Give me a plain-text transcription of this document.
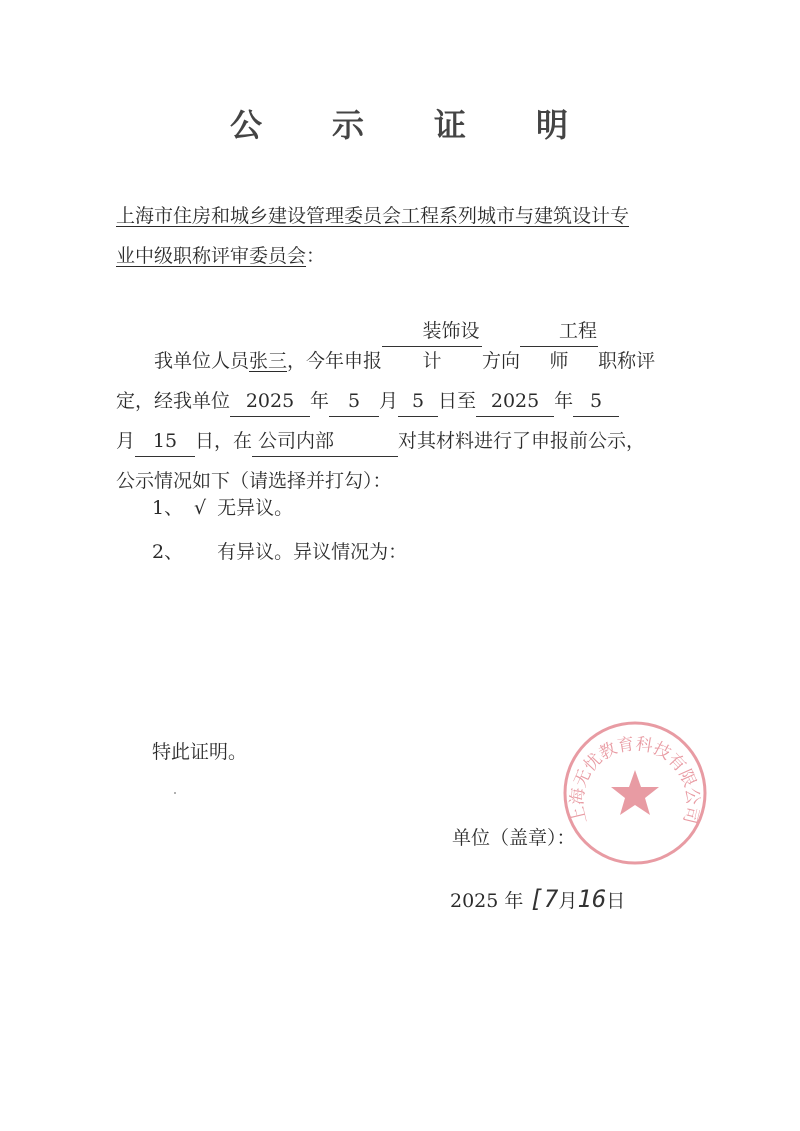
公 示 证 明
上海市住房和城乡建设管理委员会工程系列城市与建筑设计专
业中级职称评审委员会：
我单位人员张三，今年申报装饰设计 方向工程师 职称评
定，经我单位 2025 年 5 月 5 日至 2025 年 5
月 15 日，在 公司内部	对其材料进行了申报前公示，
公示情况如下（请选择并打勾）：
1、 √ 无异议。
2、 有异议。异议情况为：
特此证明。
单位（盖章）：
2025 年 [7月16日
上海无忧教育科技有限公司
